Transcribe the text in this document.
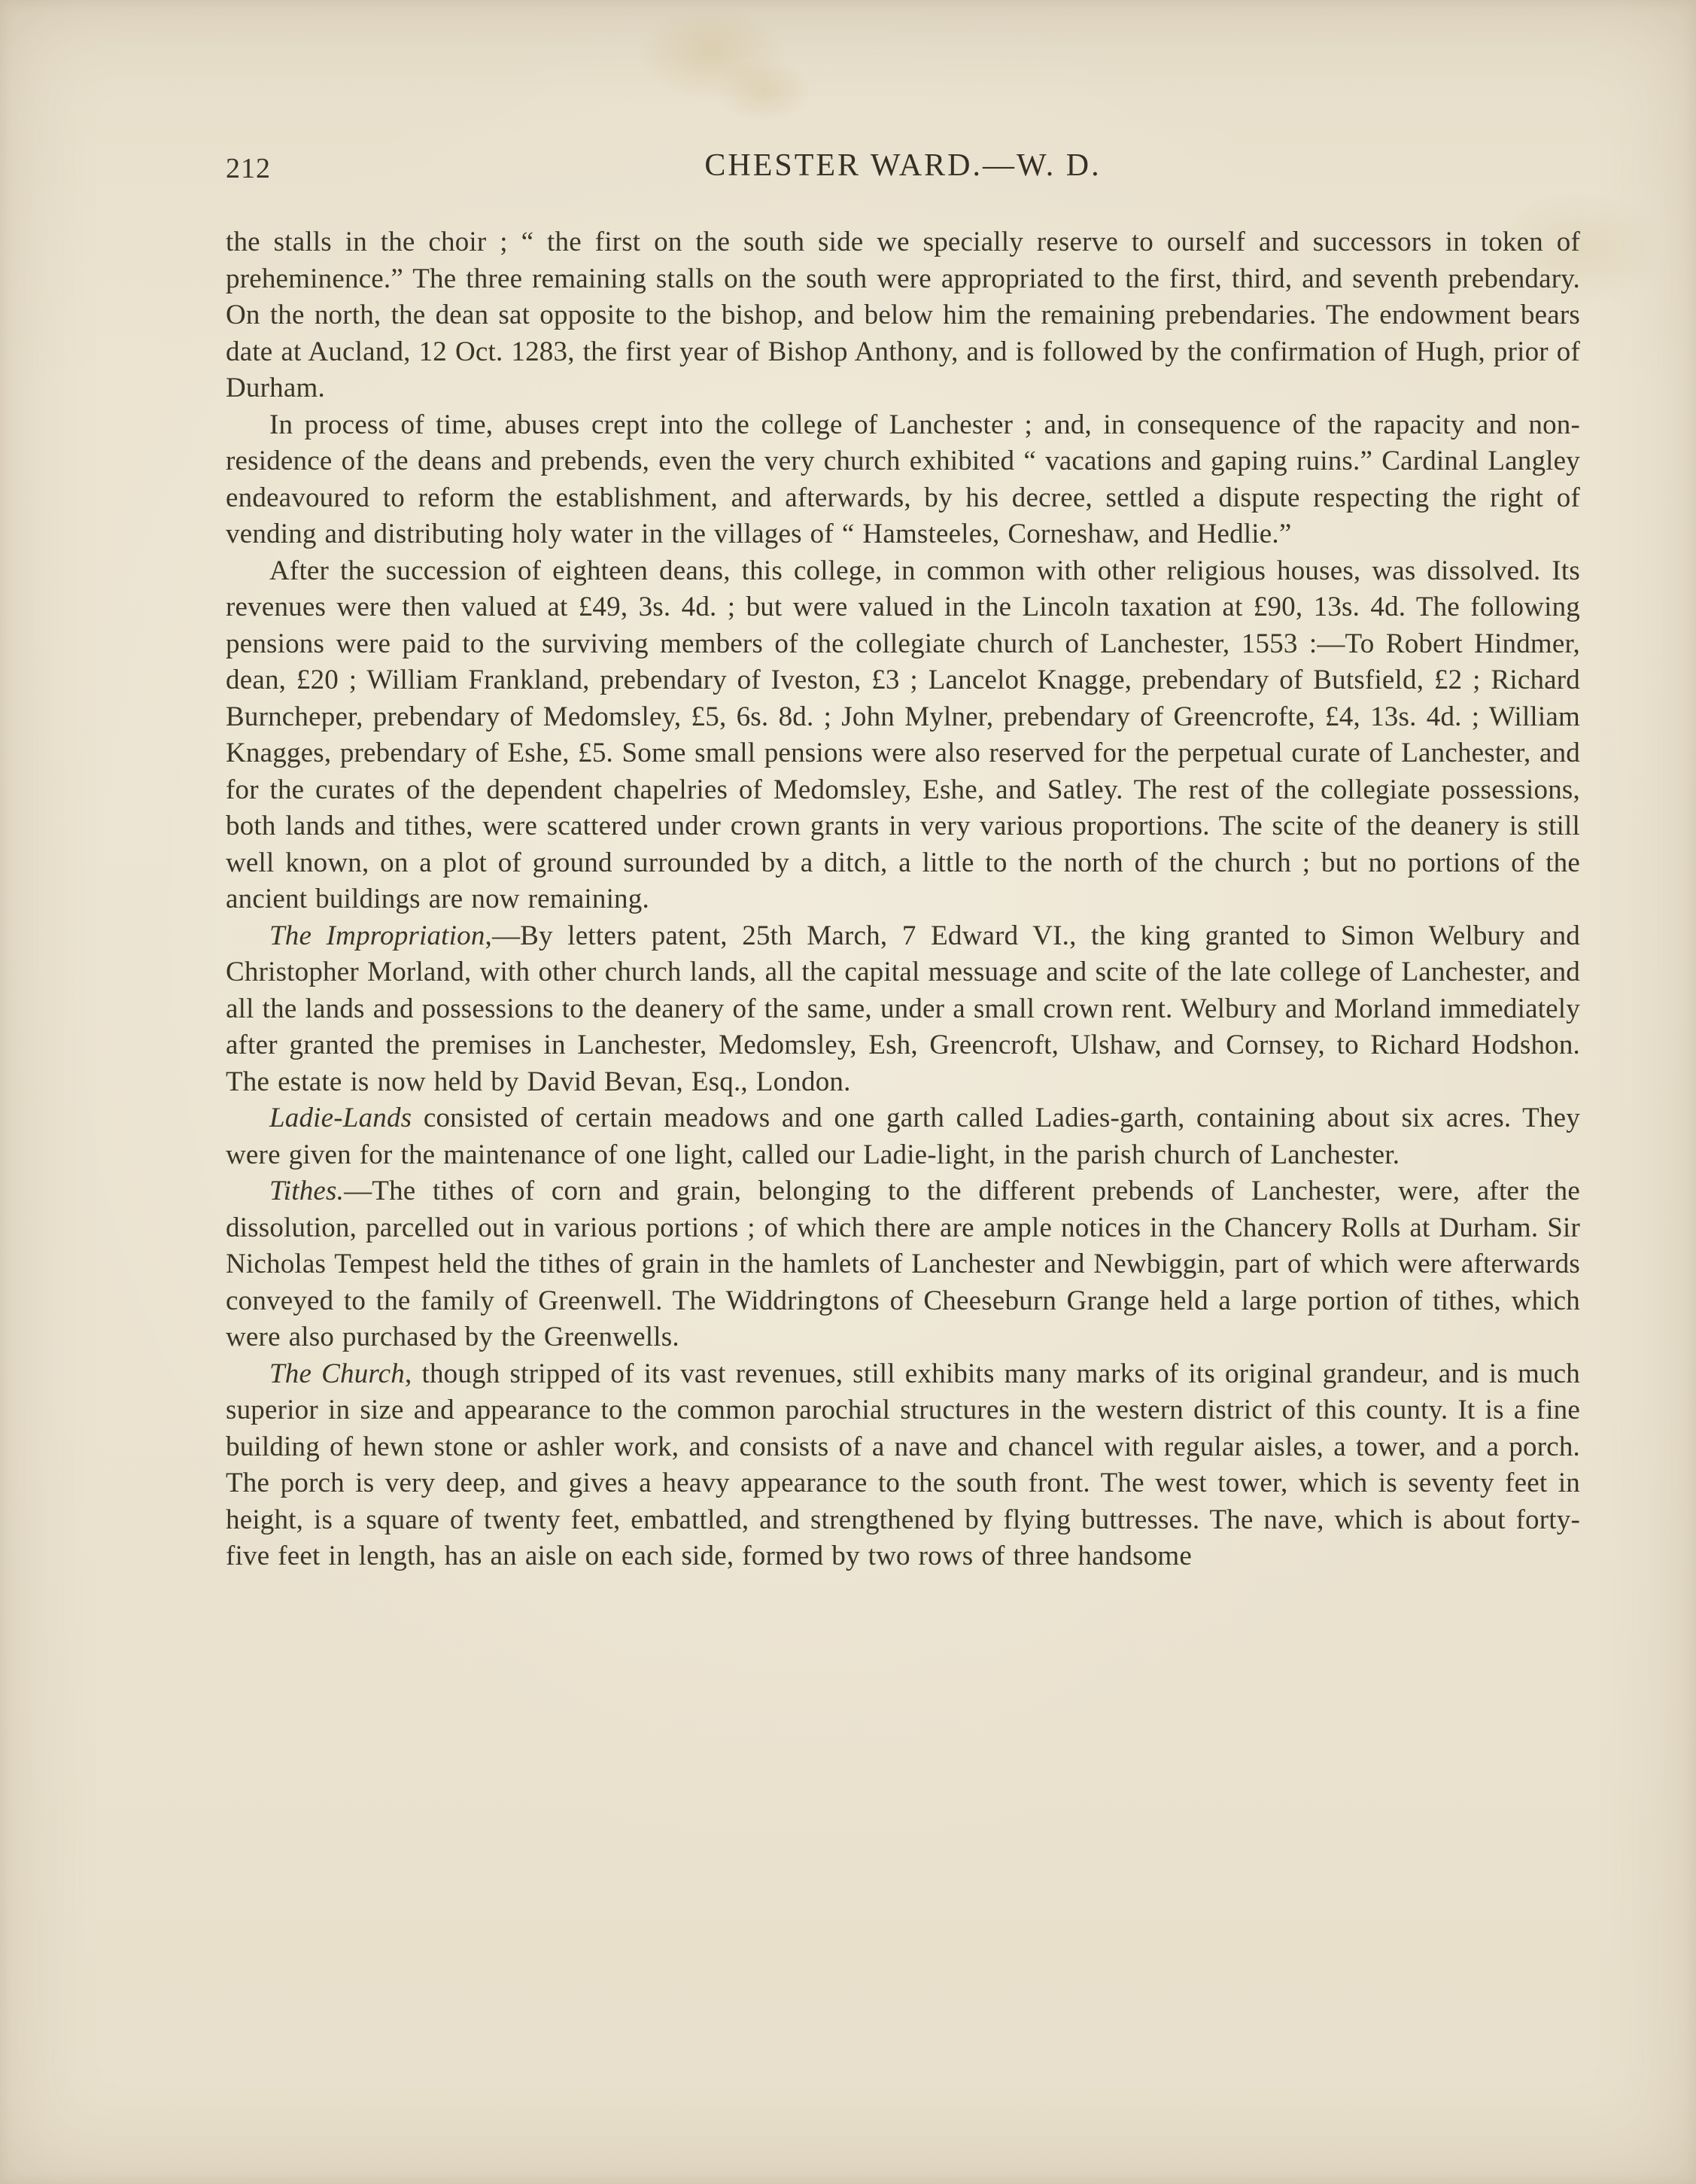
212	CHESTER WARD.—W. D.

the stalls in the choir ; “ the first on the south side we specially reserve to ourself and successors in token of preheminence.” The three remaining stalls on the south were appropriated to the first, third, and seventh prebendary. On the north, the dean sat opposite to the bishop, and below him the remaining prebendaries. The endowment bears date at Aucland, 12 Oct. 1283, the first year of Bishop Anthony, and is followed by the confirmation of Hugh, prior of Durham.

In process of time, abuses crept into the college of Lanchester ; and, in consequence of the rapacity and non-residence of the deans and prebends, even the very church exhibited “ vacations and gaping ruins.” Cardinal Langley endeavoured to reform the establishment, and afterwards, by his decree, settled a dispute respecting the right of vending and distributing holy water in the villages of “ Hamsteeles, Corneshaw, and Hedlie.”

After the succession of eighteen deans, this college, in common with other religious houses, was dissolved. Its revenues were then valued at £49, 3s. 4d. ; but were valued in the Lincoln taxation at £90, 13s. 4d. The following pensions were paid to the surviving members of the collegiate church of Lanchester, 1553 :—To Robert Hindmer, dean, £20 ; William Frankland, prebendary of Iveston, £3 ; Lancelot Knagge, prebendary of Butsfield, £2 ; Richard Burncheper, prebendary of Medomsley, £5, 6s. 8d. ; John Mylner, prebendary of Greencrofte, £4, 13s. 4d. ; William Knagges, prebendary of Eshe, £5. Some small pensions were also reserved for the perpetual curate of Lanchester, and for the curates of the dependent chapelries of Medomsley, Eshe, and Satley. The rest of the collegiate possessions, both lands and tithes, were scattered under crown grants in very various proportions. The scite of the deanery is still well known, on a plot of ground surrounded by a ditch, a little to the north of the church ; but no portions of the ancient buildings are now remaining.

The Impropriation,—By letters patent, 25th March, 7 Edward VI., the king granted to Simon Welbury and Christopher Morland, with other church lands, all the capital messuage and scite of the late college of Lanchester, and all the lands and possessions to the deanery of the same, under a small crown rent. Welbury and Morland immediately after granted the premises in Lanchester, Medomsley, Esh, Greencroft, Ulshaw, and Cornsey, to Richard Hodshon. The estate is now held by David Bevan, Esq., London.

Ladie-Lands consisted of certain meadows and one garth called Ladies-garth, containing about six acres. They were given for the maintenance of one light, called our Ladie-light, in the parish church of Lanchester.

Tithes.—The tithes of corn and grain, belonging to the different prebends of Lanchester, were, after the dissolution, parcelled out in various portions ; of which there are ample notices in the Chancery Rolls at Durham. Sir Nicholas Tempest held the tithes of grain in the hamlets of Lanchester and Newbiggin, part of which were afterwards conveyed to the family of Greenwell. The Widdringtons of Cheeseburn Grange held a large portion of tithes, which were also purchased by the Greenwells.

The Church, though stripped of its vast revenues, still exhibits many marks of its original grandeur, and is much superior in size and appearance to the common parochial structures in the western district of this county. It is a fine building of hewn stone or ashler work, and consists of a nave and chancel with regular aisles, a tower, and a porch. The porch is very deep, and gives a heavy appearance to the south front. The west tower, which is seventy feet in height, is a square of twenty feet, embattled, and strengthened by flying buttresses. The nave, which is about forty-five feet in length, has an aisle on each side, formed by two rows of three handsome
